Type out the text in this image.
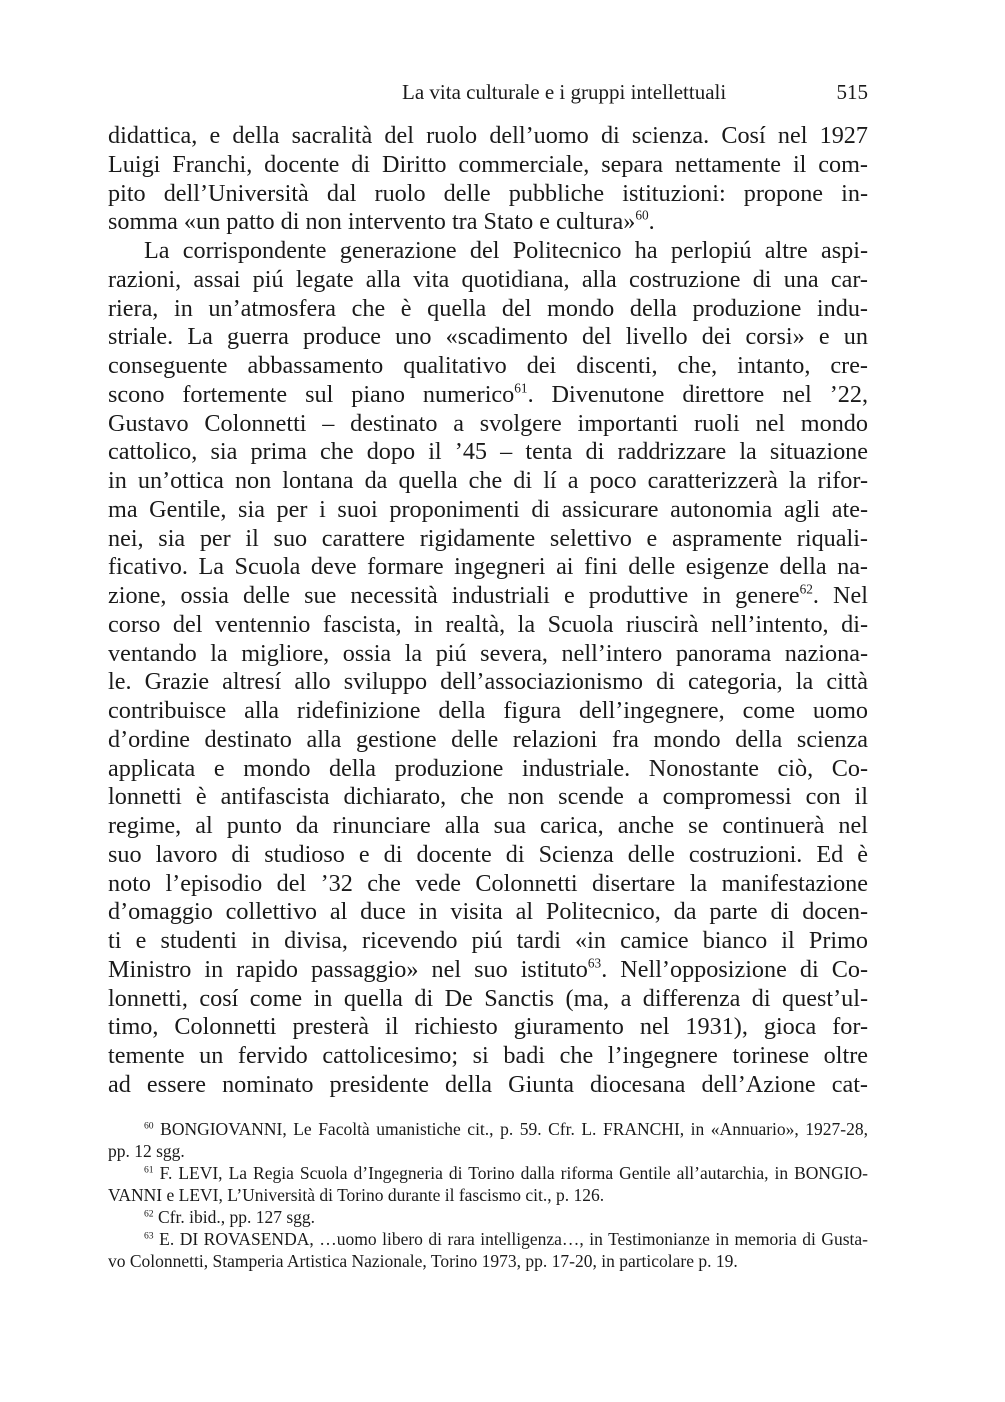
La vita culturale e i gruppi intellettuali	515
didattica, e della sacralità del ruolo dell’uomo di scienza. Cosí nel 1927
Luigi Franchi, docente di Diritto commerciale, separa nettamente il com-
pito dell’Università dal ruolo delle pubbliche istituzioni: propone in-
somma «un patto di non intervento tra Stato e cultura»$^{60}$.
La corrispondente generazione del Politecnico ha perlopiú altre aspi-
razioni, assai piú legate alla vita quotidiana, alla costruzione di una car-
riera, in un’atmosfera che è quella del mondo della produzione indu-
striale. La guerra produce uno «scadimento del livello dei corsi» e un
conseguente abbassamento qualitativo dei discenti, che, intanto, cre-
scono fortemente sul piano numerico$^{61}$. Divenutone direttore nel ’22,
Gustavo Colonnetti – destinato a svolgere importanti ruoli nel mondo
cattolico, sia prima che dopo il ’45 – tenta di raddrizzare la situazione
in un’ottica non lontana da quella che di lí a poco caratterizzerà la rifor-
ma Gentile, sia per i suoi proponimenti di assicurare autonomia agli ate-
nei, sia per il suo carattere rigidamente selettivo e aspramente riquali-
ficativo. La Scuola deve formare ingegneri ai fini delle esigenze della na-
zione, ossia delle sue necessità industriali e produttive in genere$^{62}$. Nel
corso del ventennio fascista, in realtà, la Scuola riuscirà nell’intento, di-
ventando la migliore, ossia la piú severa, nell’intero panorama naziona-
le. Grazie altresí allo sviluppo dell’associazionismo di categoria, la città
contribuisce alla ridefinizione della figura dell’ingegnere, come uomo
d’ordine destinato alla gestione delle relazioni fra mondo della scienza
applicata e mondo della produzione industriale. Nonostante ciò, Co-
lonnetti è antifascista dichiarato, che non scende a compromessi con il
regime, al punto da rinunciare alla sua carica, anche se continuerà nel
suo lavoro di studioso e di docente di Scienza delle costruzioni. Ed è
noto l’episodio del ’32 che vede Colonnetti disertare la manifestazione
d’omaggio collettivo al duce in visita al Politecnico, da parte di docen-
ti e studenti in divisa, ricevendo piú tardi «in camice bianco il Primo
Ministro in rapido passaggio» nel suo istituto$^{63}$. Nell’opposizione di Co-
lonnetti, cosí come in quella di De Sanctis (ma, a differenza di quest’ul-
timo, Colonnetti presterà il richiesto giuramento nel 1931), gioca for-
temente un fervido cattolicesimo; si badi che l’ingegnere torinese oltre
ad essere nominato presidente della Giunta diocesana dell’Azione cat-
$^{60}$ BONGIOVANNI, Le Facoltà umanistiche cit., p. 59. Cfr. L. FRANCHI, in «Annuario», 1927-28,
pp. 12 sgg.
$^{61}$ F. LEVI, La Regia Scuola d’Ingegneria di Torino dalla riforma Gentile all’autarchia, in BONGIO-
VANNI e LEVI, L’Università di Torino durante il fascismo cit., p. 126.
$^{62}$ Cfr. ibid., pp. 127 sgg.
$^{63}$ E. DI ROVASENDA, …uomo libero di rara intelligenza…, in Testimonianze in memoria di Gusta-
vo Colonnetti, Stamperia Artistica Nazionale, Torino 1973, pp. 17-20, in particolare p. 19.
